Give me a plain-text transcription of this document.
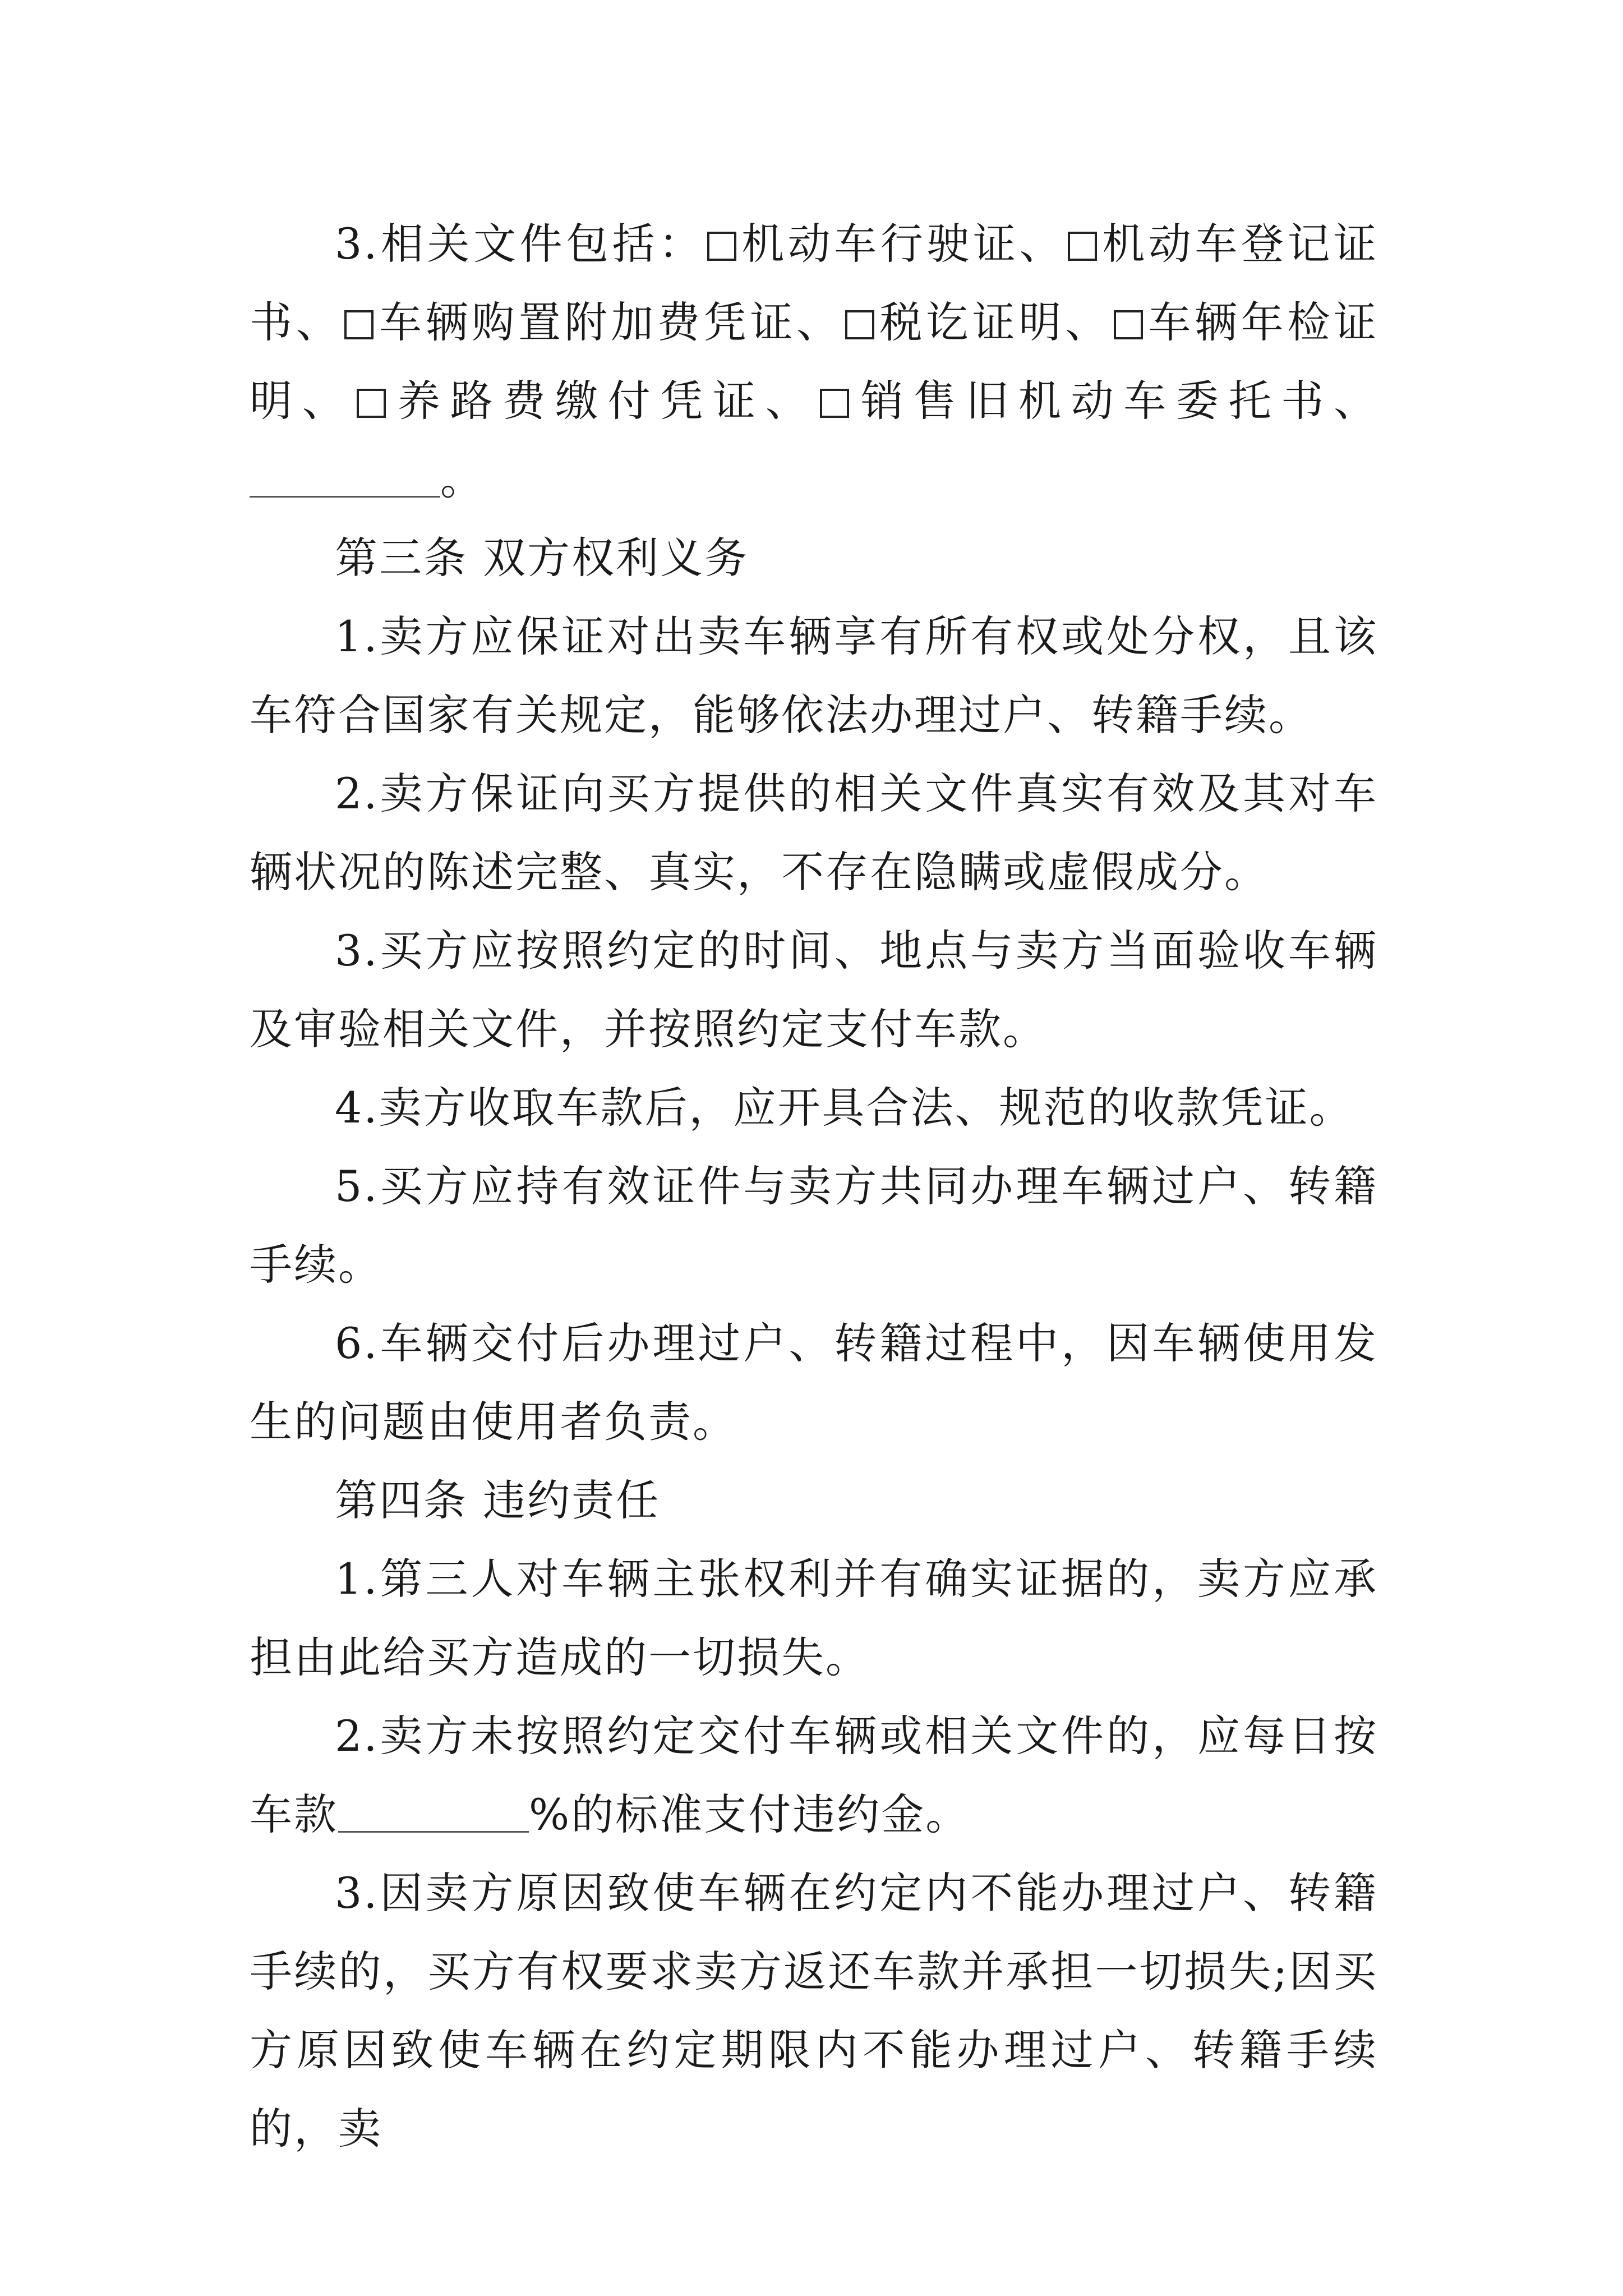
3.相关文件包括： 机动车行驶证、 机动车登记证书、 车辆购置附加费凭证、 税讫证明、 车辆年检证明、 养路费缴付凭证、 销售旧机动车委托书、。

第三条 双方权利义务

1.卖方应保证对出卖车辆享有所有权或处分权，且该车符合国家有关规定，能够依法办理过户、转籍手续。

2.卖方保证向买方提供的相关文件真实有效及其对车辆状况的陈述完整、真实，不存在隐瞒或虚假成分。

3.买方应按照约定的时间、地点与卖方当面验收车辆及审验相关文件，并按照约定支付车款。

4.卖方收取车款后，应开具合法、规范的收款凭证。

5.买方应持有效证件与卖方共同办理车辆过户、转籍手续。

6.车辆交付后办理过户、转籍过程中，因车辆使用发生的问题由使用者负责。

第四条 违约责任

1.第三人对车辆主张权利并有确实证据的，卖方应承担由此给买方造成的一切损失。

2.卖方未按照约定交付车辆或相关文件的，应每日按车款	%的标准支付违约金。

3.因卖方原因致使车辆在约定内不能办理过户、转籍手续的，买方有权要求卖方返还车款并承担一切损失;因买方原因致使车辆在约定期限内不能办理过户、转籍手续的，卖
